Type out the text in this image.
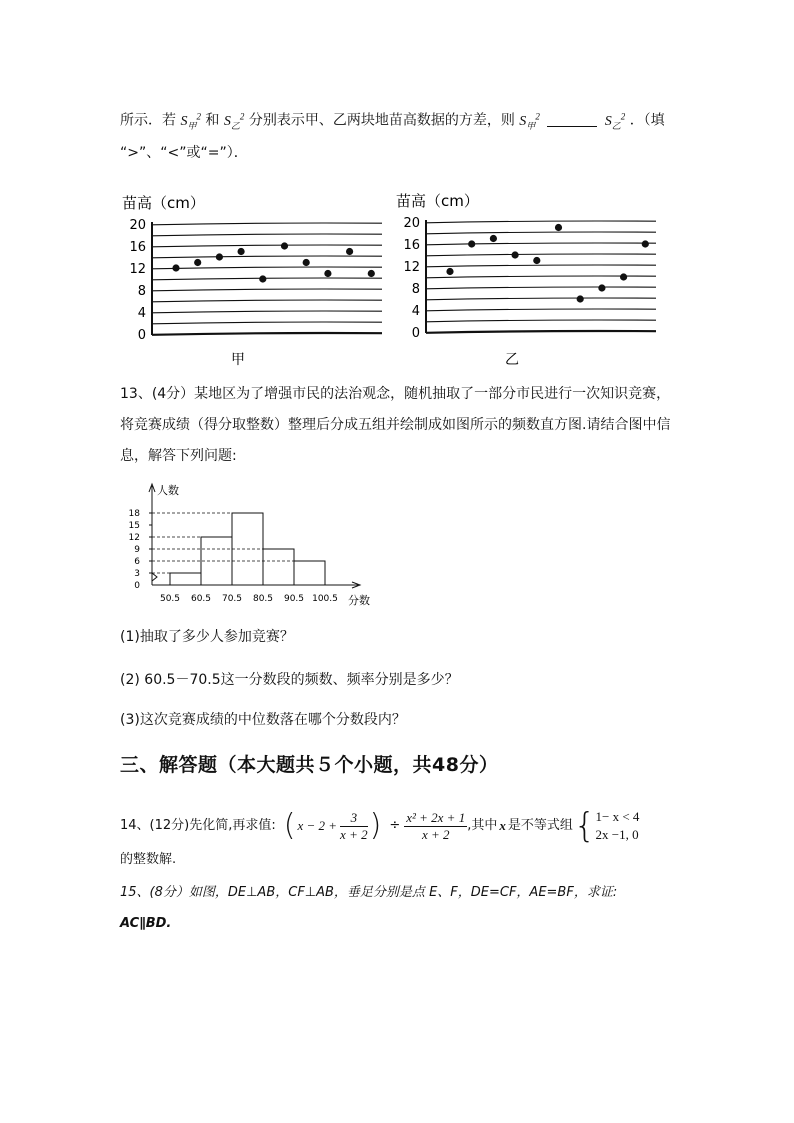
所示．若 $S_甲^2$ 和 $S_乙^2$ 分别表示甲、乙两块地苗高数据的方差，则 $S_甲^2$	$S_乙^2$ ．（填
“>”、“<”或“=”）．
苗高（cm）
0
4
8
12
16
20
甲
苗高（cm）
0
4
8
12
16
20
乙
13、(4分）某地区为了增强市民的法治观念，随机抽取了一部分市民进行一次知识竞赛，
将竞赛成绩（得分取整数）整理后分成五组并绘制成如图所示的频数直方图.请结合图中信
息，解答下列问题:
人数
分数
0
3
6
9
12
15
18
50.5 60.5 70.5 80.5 90.5 100.5
(1)抽取了多少人参加竞赛？
(2) 60.5－70.5这一分数段的频数、频率分别是多少？
(3)这次竞赛成绩的中位数落在哪个分数段内？
三、解答题（本大题共５个小题，共48分）
14、(12分)先化简,再求值: ( $x - 2 + \frac{3}{x + 2}$ ) ÷ $\frac{\text{x² + 2x + 1}}{x + 2}$ ,其中 x 是不等式组 { 1− x < 4
2x −1, 0
的整数解.
15、(8分）如图，DE⊥AB，CF⊥AB，垂足分别是点 E、F，DE=CF，AE=BF，求证:
AC∥BD.
